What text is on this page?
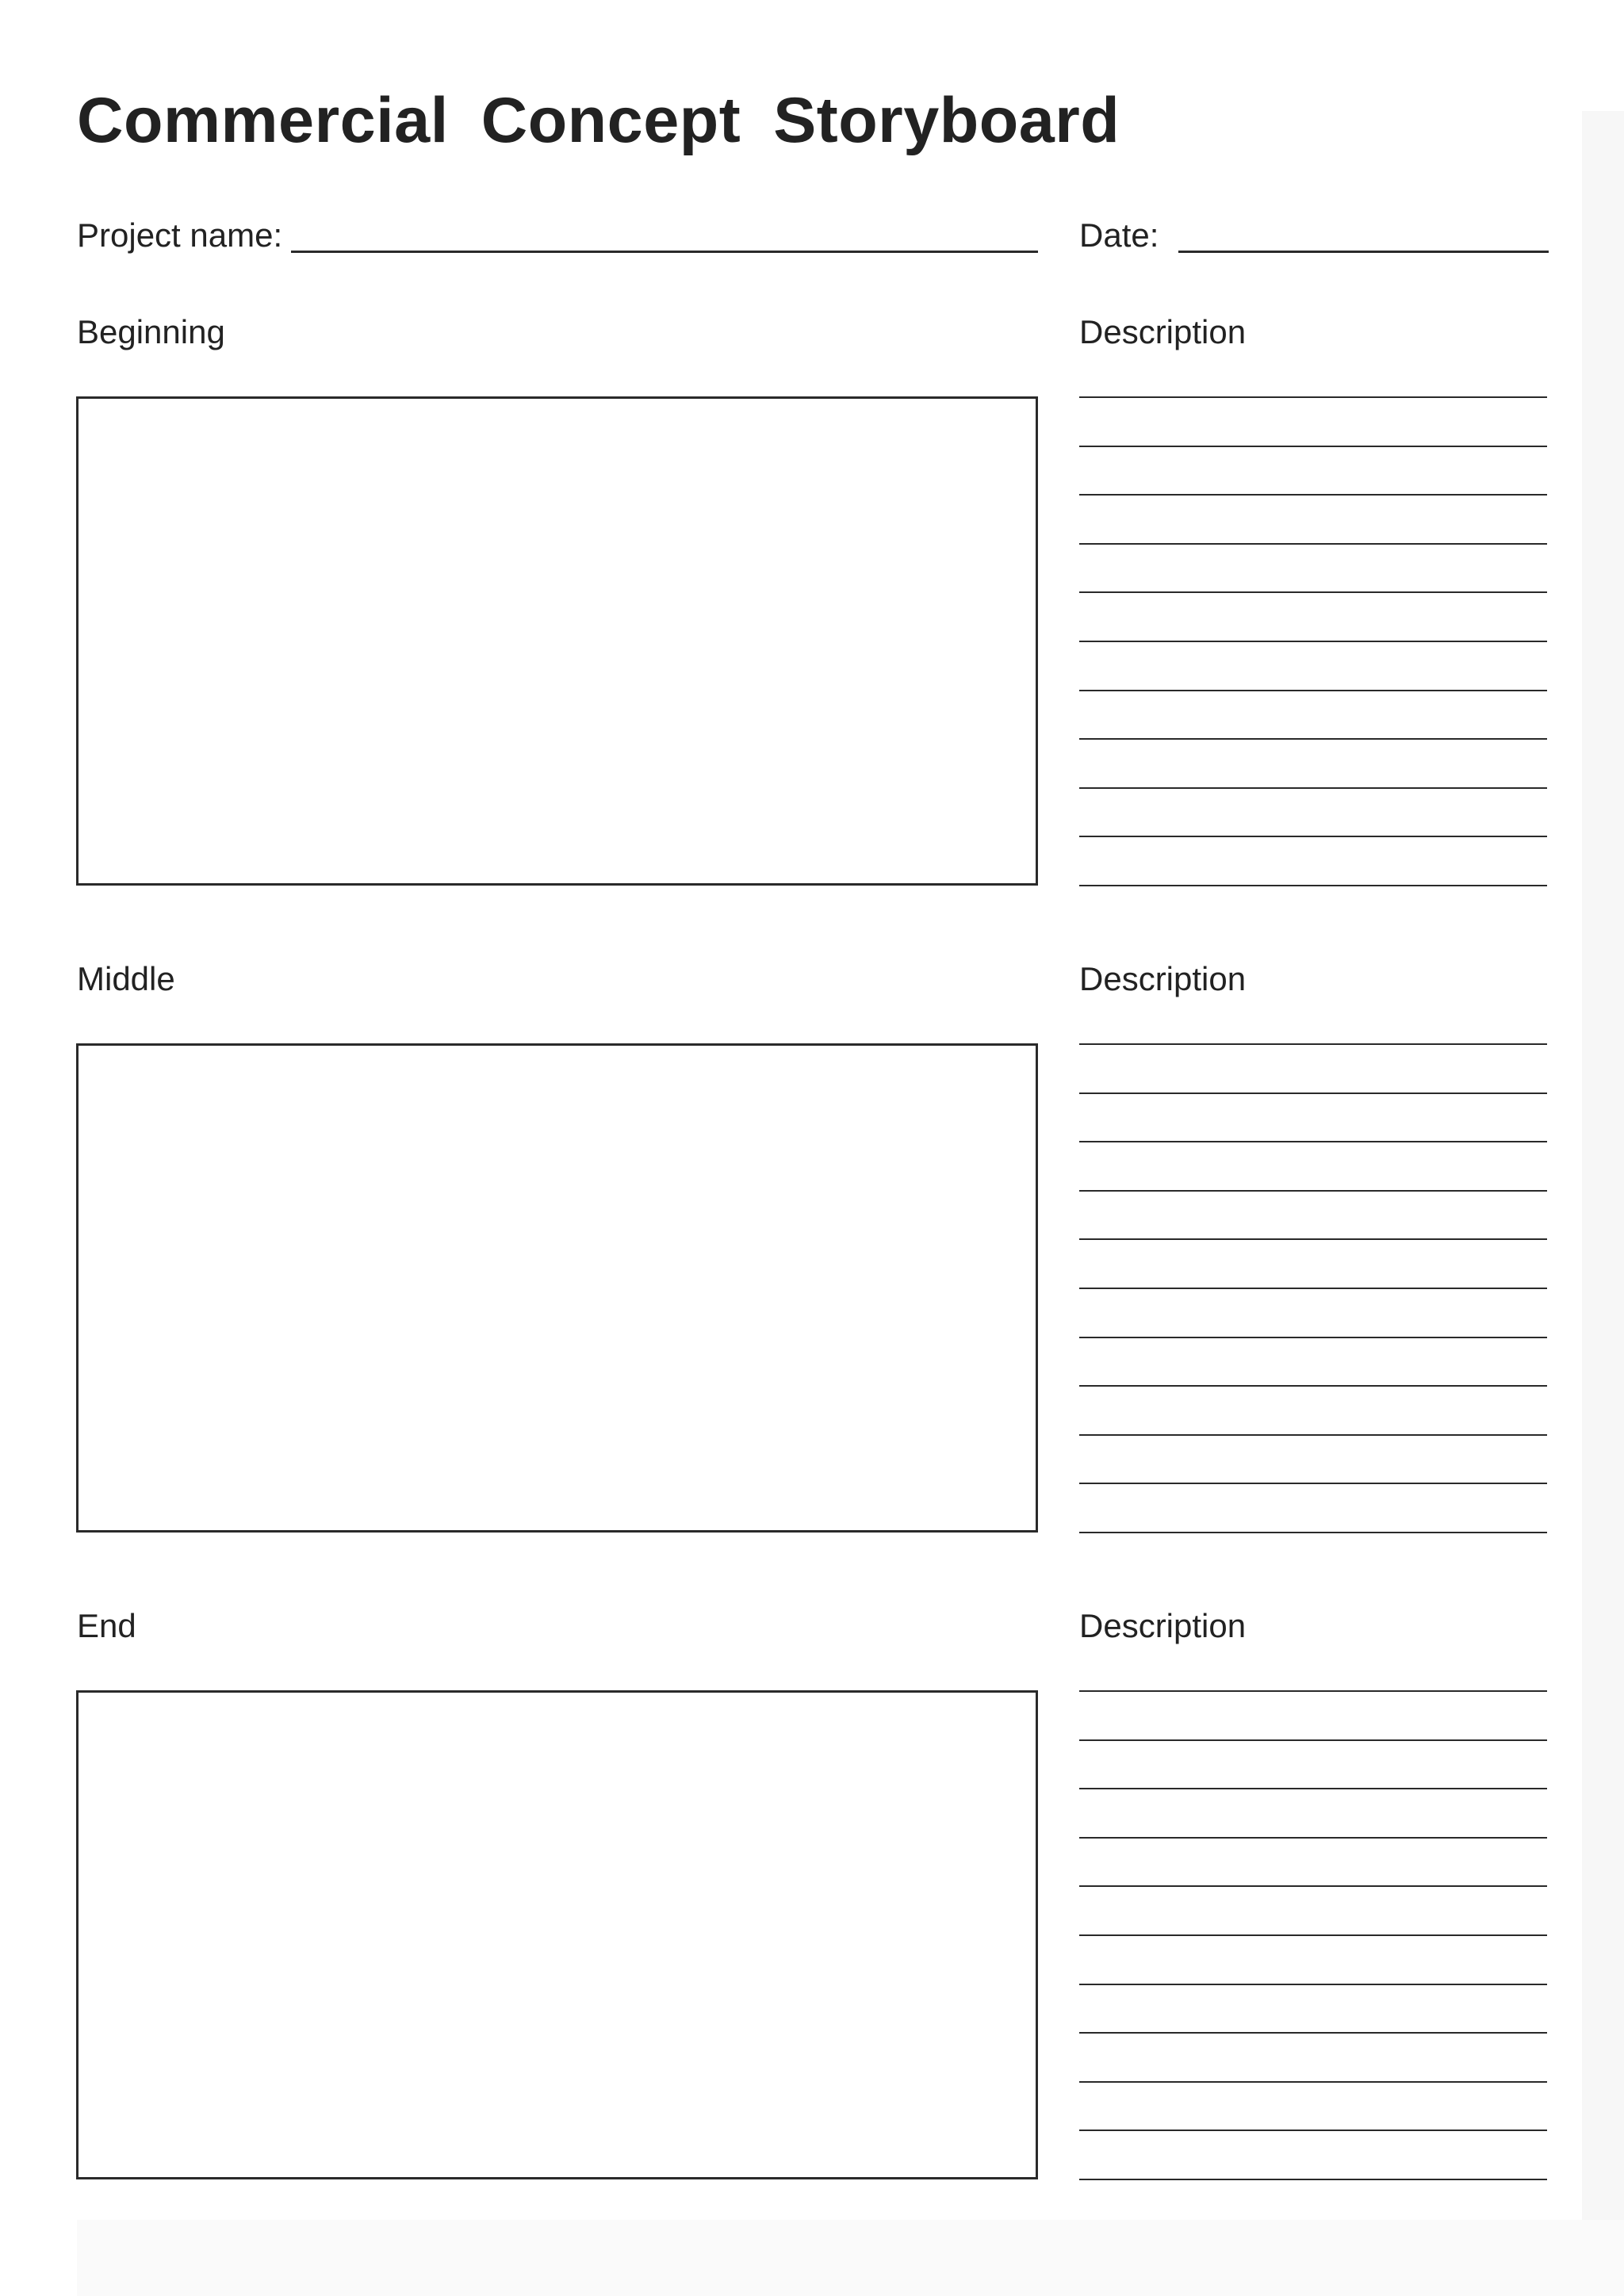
Commercial Concept Storyboard
Project name:	Date:
Beginning	Description
Middle	Description
End	Description
